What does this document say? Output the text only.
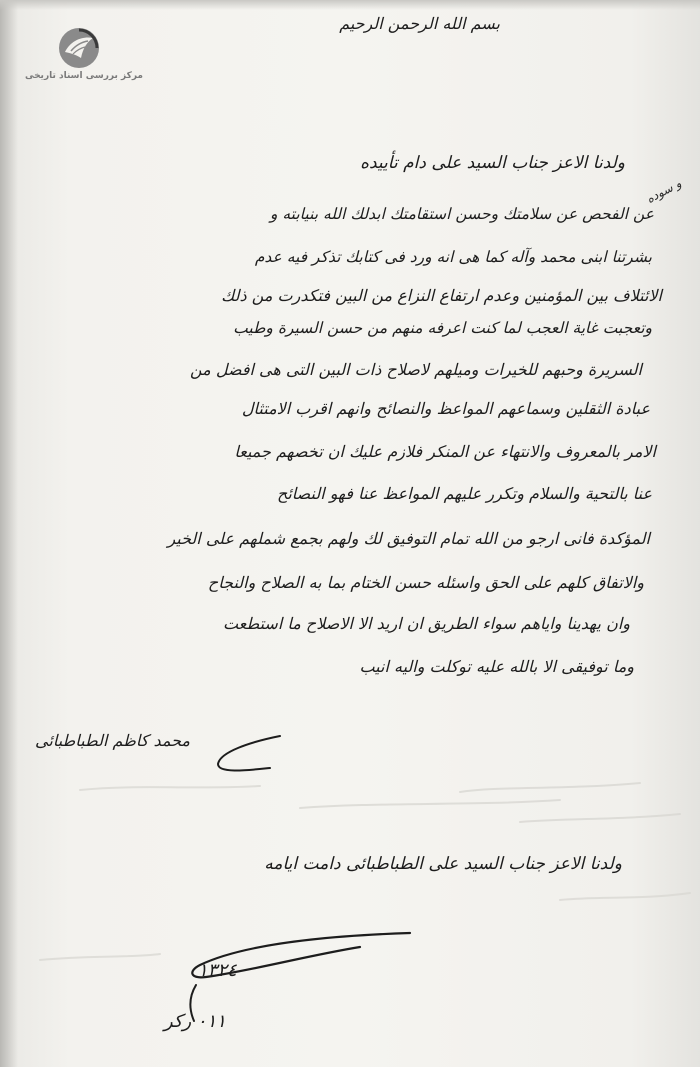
مرکز بررسی اسناد تاریخی
بسم الله الرحمن الرحیم
ولدنا الاعز جناب السيد علی دام تأییده
و سوده
عن الفحص عن سلامتك وحسن استقامتك ابدلك الله بنيابته و
بشرتنا ابنی محمد وآله کما هی انه ورد فی کتابك تذکر فیه عدم
الائتلاف بین المؤمنین وعدم ارتفاع النزاع من البین فتکدرت من ذلك
وتعجبت غایة العجب لما کنت اعرفه منهم من حسن السیرة وطیب
السریرة وحبهم للخیرات ومیلهم لاصلاح ذات البین التی هی افضل من
عبادة الثقلین وسماعهم المواعظ والنصائح وانهم اقرب الامتثال
الامر بالمعروف والانتهاء عن المنکر فلازم علیك ان تخصهم جمیعا
عنا بالتحیة والسلام وتکرر علیهم المواعظ عنا فهو النصائح
المؤکدة فانی ارجو من الله تمام التوفیق لك ولهم بجمع شملهم علی الخیر
والاتفاق کلهم علی الحق واسئله حسن الختام بما به الصلاح والنجاح
وان یهدینا وایاهم سواء الطریق ان ارید الا الاصلاح ما استطعت
وما توفیقی الا بالله علیه توکلت والیه انیب
محمد کاظم الطباطبائی
ولدنا الاعز جناب السید علی الطباطبائی دامت ایامه
١٣٢٤
٠١١ رکر
